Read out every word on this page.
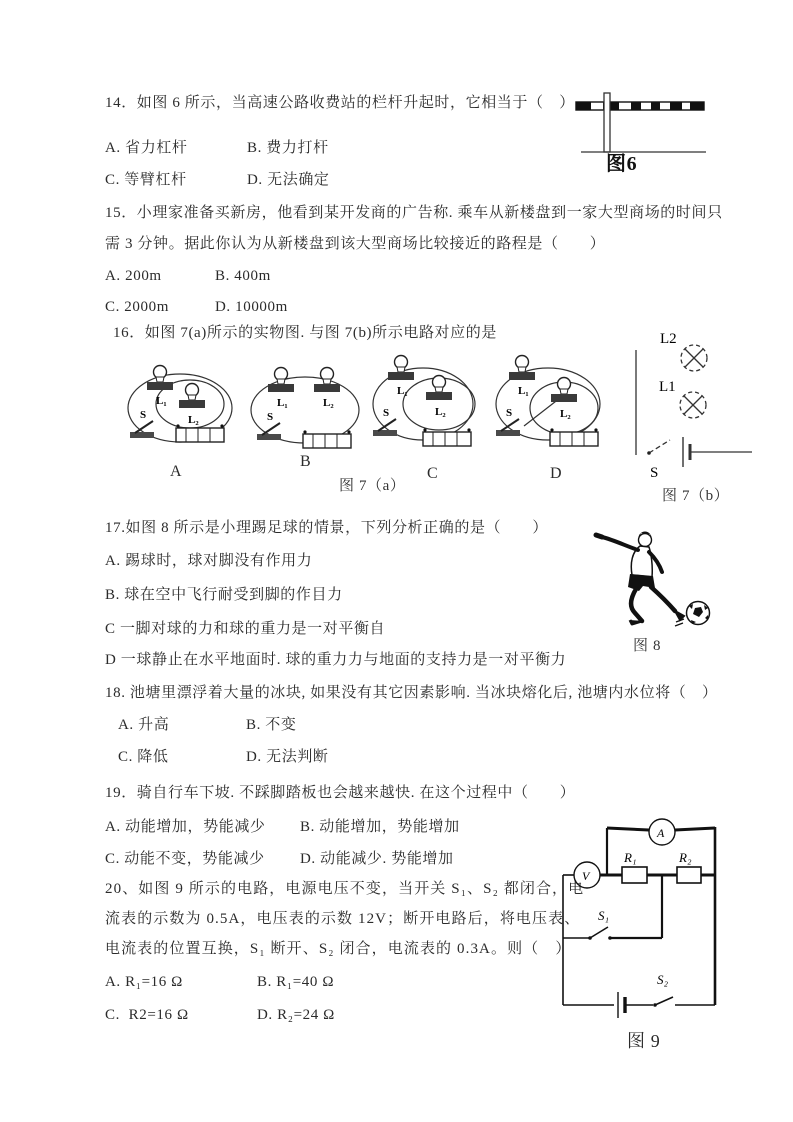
14．如图 6 所示，当高速公路收费站的栏杆升起时，它相当于（　）
A. 省力杠杆	B. 费力打杆
C. 等臂杠杆	D. 无法确定
图6
15．小理家准备买新房，他看到某开发商的广告称. 乘车从新楼盘到一家大型商场的时间只
需 3 分钟。据此你认为从新楼盘到该大型商场比较接近的路程是（　　）
A. 200m	B. 400m
C. 2000m	D. 10000m
16．如图 7(a)所示的实物图. 与图 7(b)所示电路对应的是
L₁
L₂
S
L₁	L₂
S
L₁
L₂
S
L₁
L₂
S
A
B
C	D
图 7（a）
L2
L1
S
图 7（b）
17.如图 8 所示是小理踢足球的情景，下列分析正确的是（　　）
A. 踢球时，球对脚没有作用力
B. 球在空中飞行耐受到脚的作目力
C 一脚对球的力和球的重力是一对平衡自
D 一球静止在水平地面时. 球的重力力与地面的支持力是一对平衡力
图 8
18. 池塘里漂浮着大量的冰块, 如果没有其它因素影响. 当冰块熔化后, 池塘内水位将（　）
A. 升高	B. 不变
C. 降低	D. 无法判断
19．骑自行车下坡. 不踩脚踏板也会越来越快. 在这个过程中（　　）
A. 动能增加，势能减少 B. 动能增加，势能增加
C. 动能不变，势能减少 D. 动能减少. 势能增加
20、如图 9 所示的电路，电源电压不变，当开关 S₁、S₂ 都闭合，电
流表的示数为 0.5A，电压表的示数 12V；断开电路后，将电压表、
电流表的位置互换，S₁ 断开、S₂ 闭合，电流表的 0.3A。则（　）
A. R₁=16 Ω	B. R₁=40 Ω
C.  R2=16 Ω	D. R₂=24 Ω
A
V
R₁	R₂
S₁
S₂
图 9
